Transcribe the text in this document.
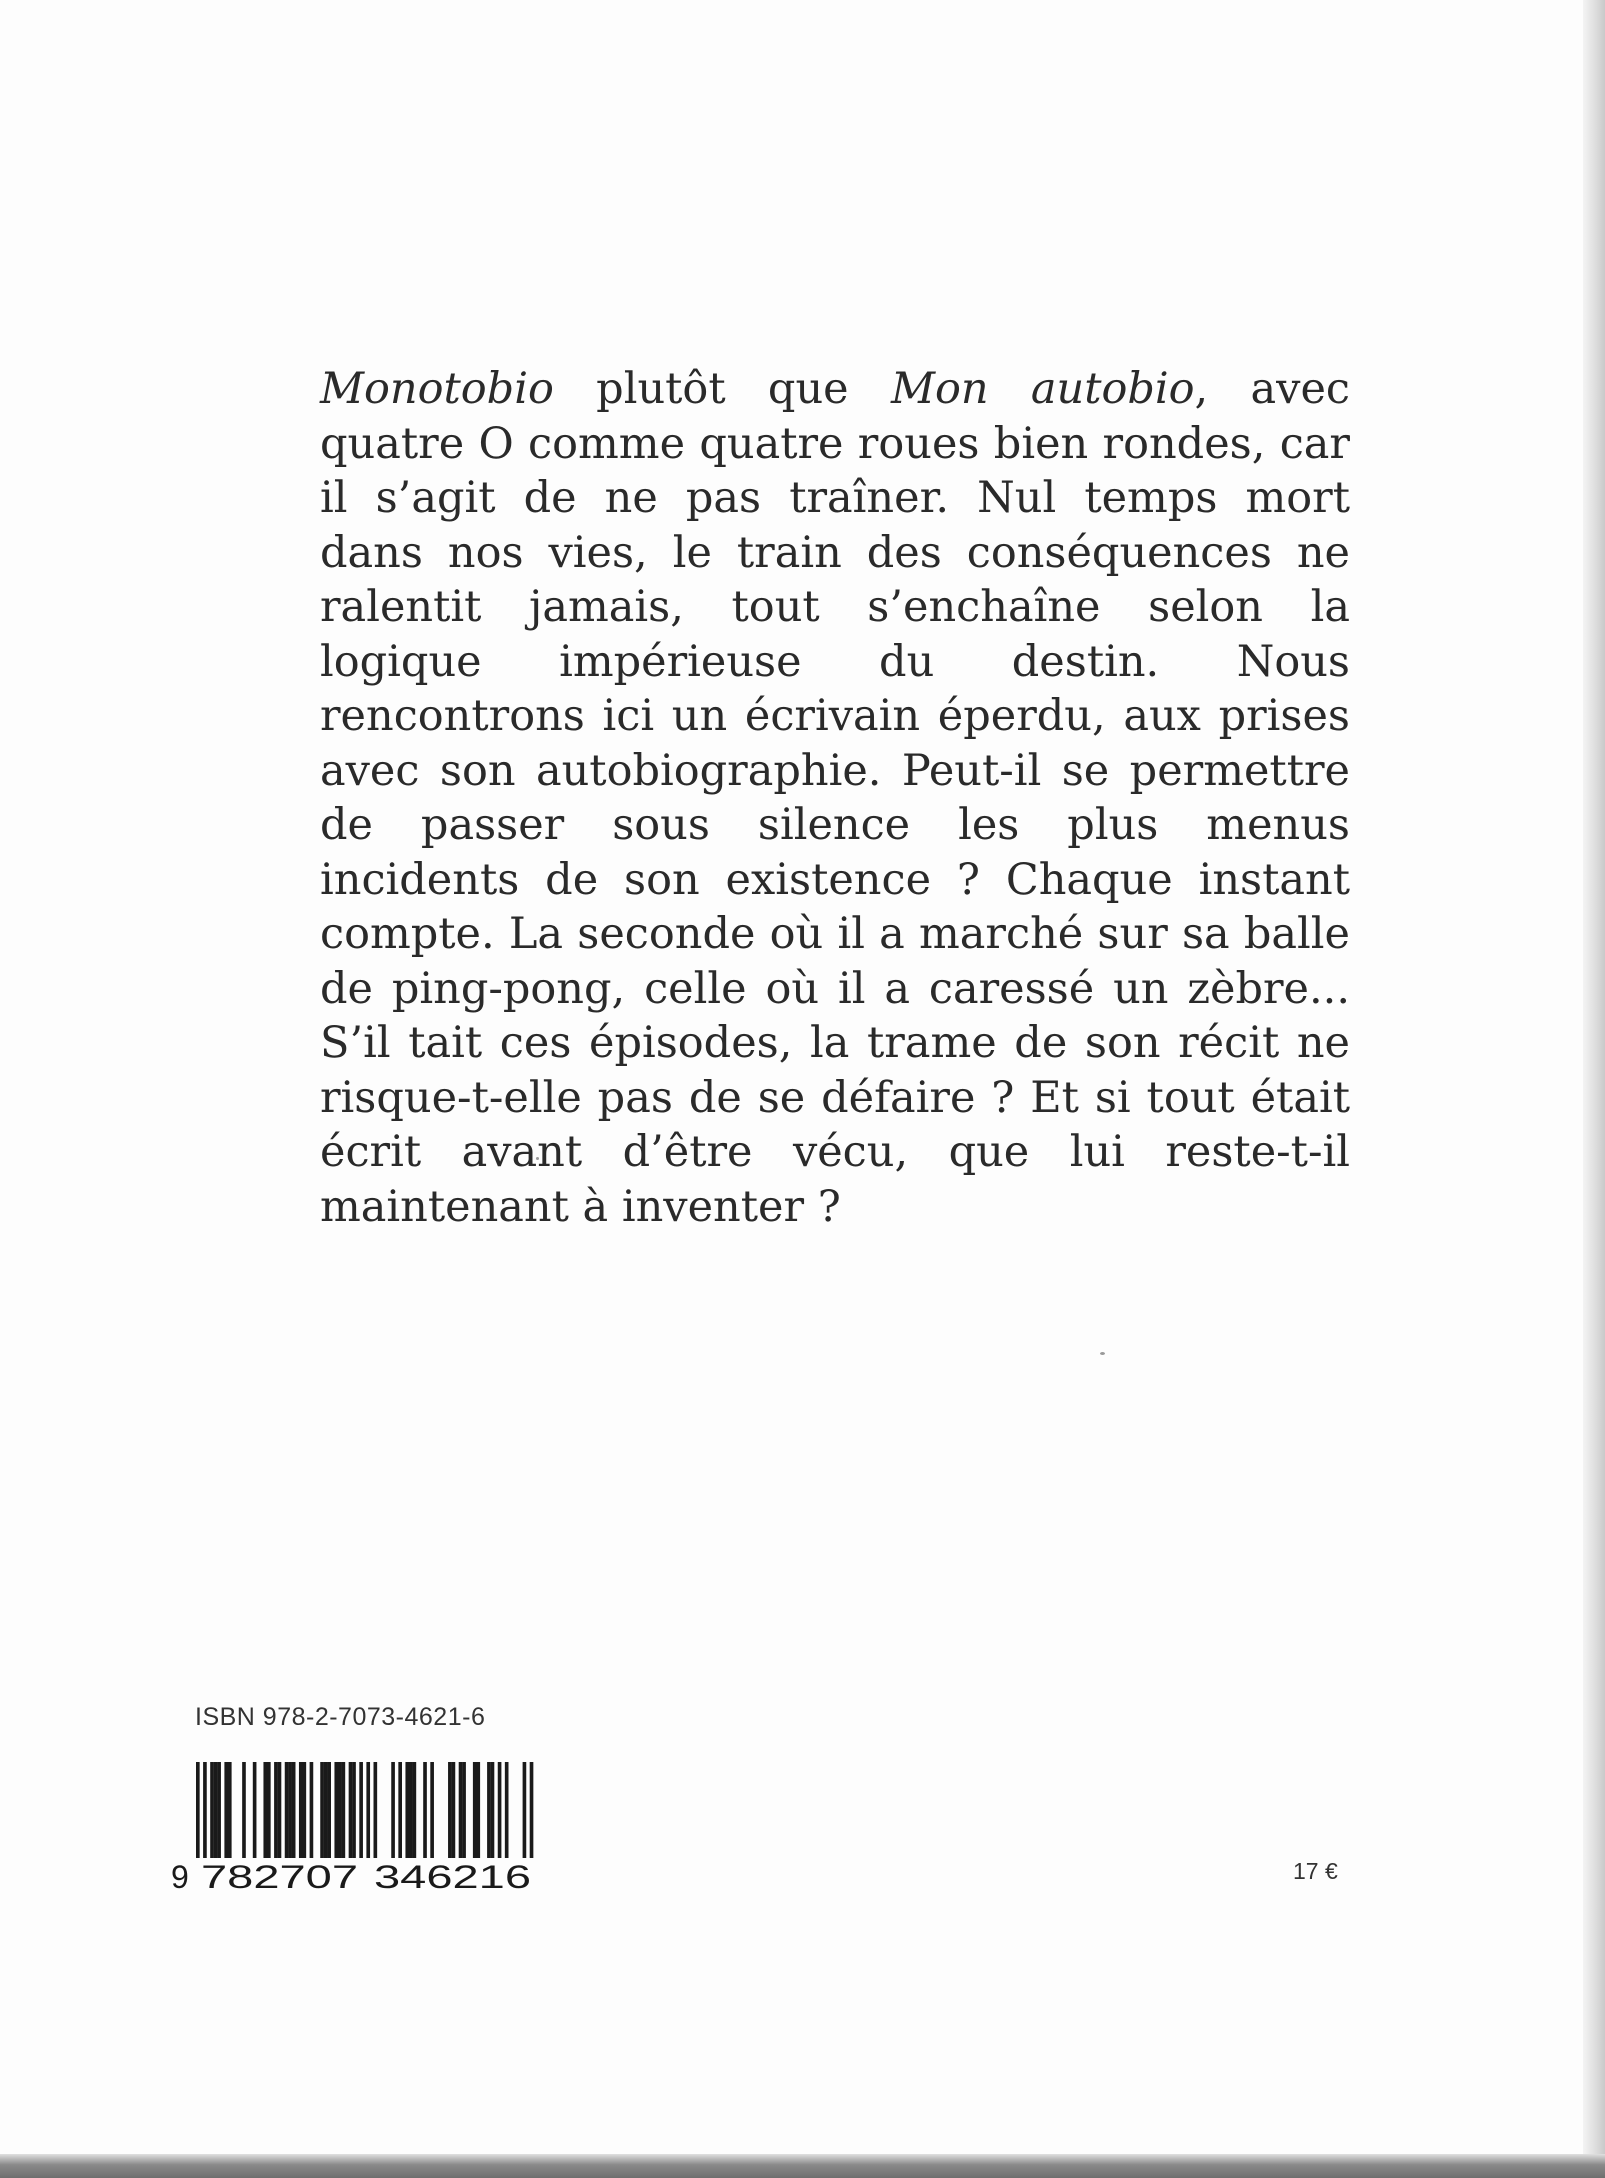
Monotobio plutôt que Mon autobio, avec quatre O comme quatre roues bien rondes, car il s’agit de ne pas traîner. Nul temps mort dans nos vies, le train des conséquences ne ralentit jamais, tout s’enchaîne selon la logique impérieuse du destin. Nous rencontrons ici un écrivain éperdu, aux prises avec son autobiographie. Peut-il se permettre de passer sous silence les plus menus incidents de son existence ? Chaque instant compte. La seconde où il a marché sur sa balle de ping-pong, celle où il a caressé un zèbre... S’il tait ces épisodes, la trame de son récit ne risque-t-elle pas de se défaire ? Et si tout était écrit avant d’être vécu, que lui reste-t-il maintenant à inventer ?

ISBN 978-2-7073-4621-6
9 782707 346216	17 €
